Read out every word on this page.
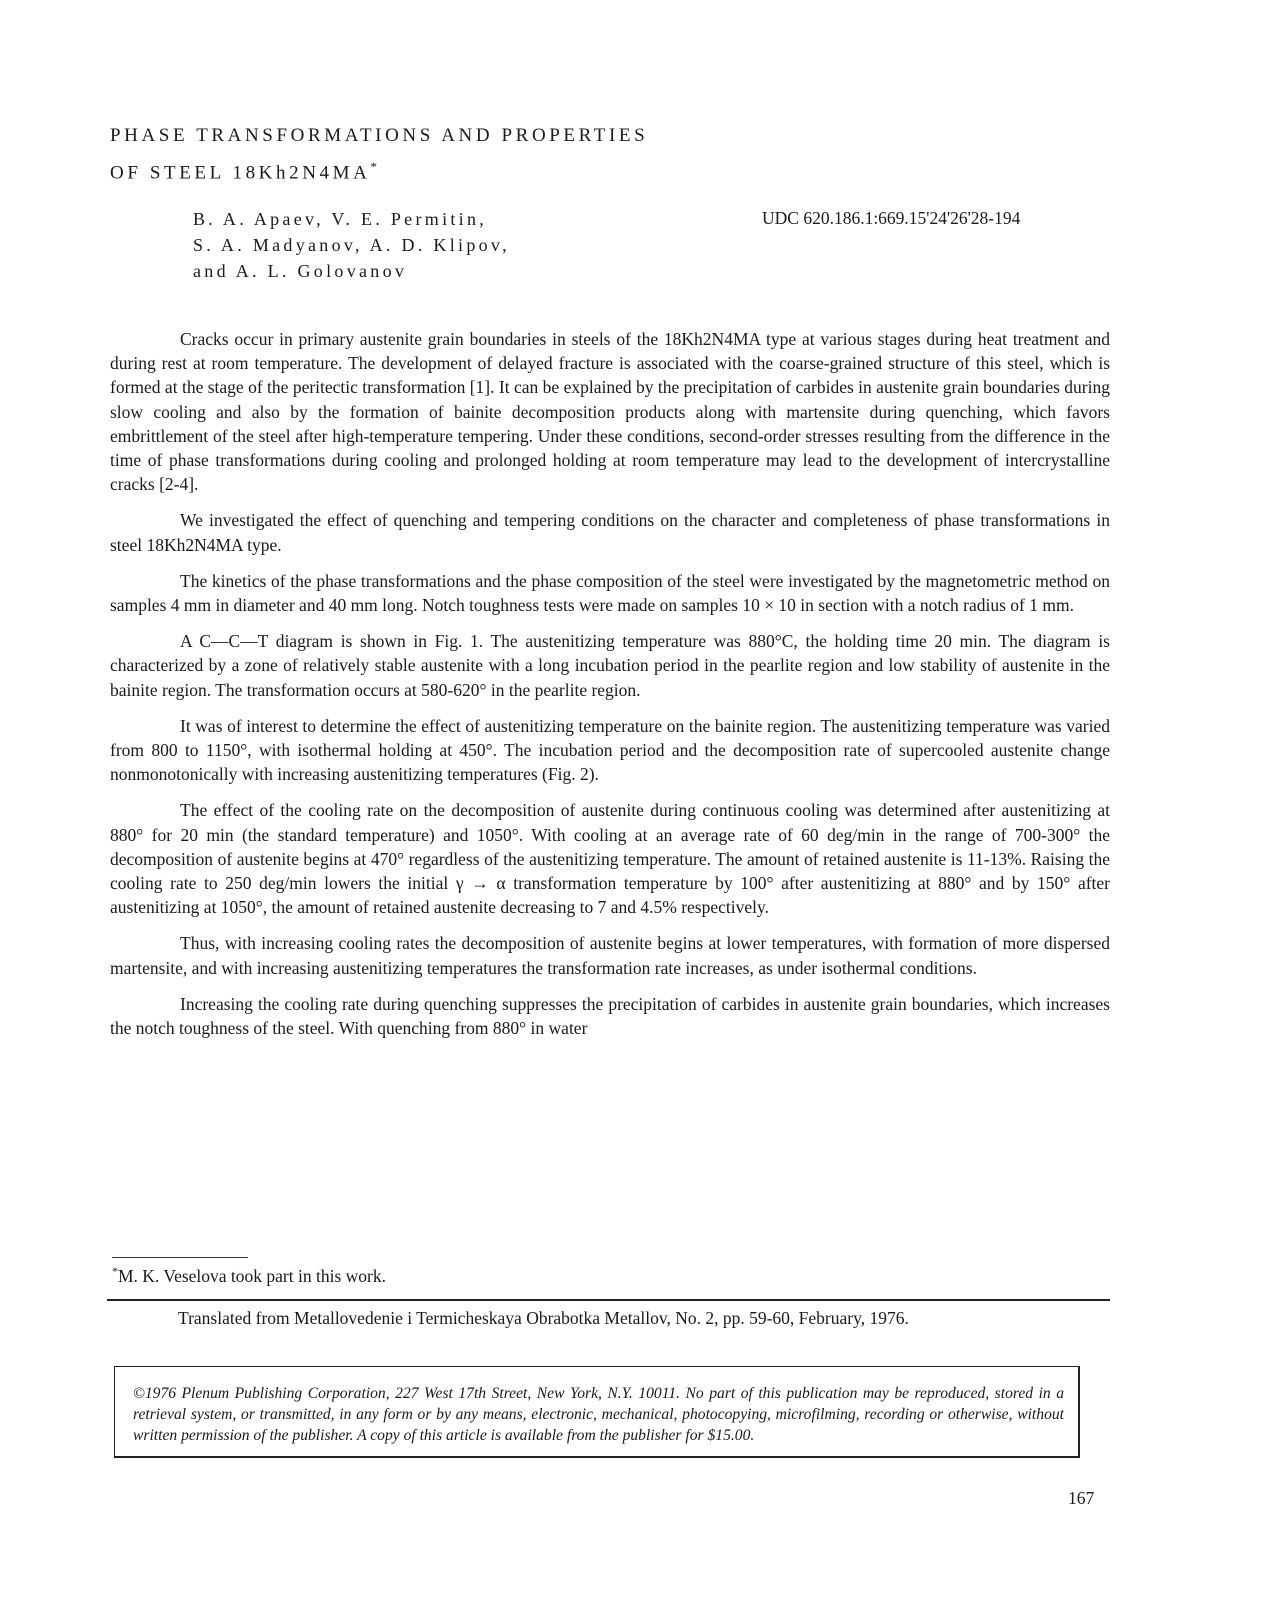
PHASE TRANSFORMATIONS AND PROPERTIES
OF STEEL 18Kh2N4MA*
B. A. Apaev, V. E. Permitin,
S. A. Madyanov, A. D. Klipov,
and A. L. Golovanov
UDC 620.186.1:669.15'24'26'28-194

Cracks occur in primary austenite grain boundaries in steels of the 18Kh2N4MA type at various stages during heat treatment and during rest at room temperature. The development of delayed fracture is associated with the coarse-grained structure of this steel, which is formed at the stage of the peritectic transformation [1]. It can be explained by the precipitation of carbides in austenite grain boundaries during slow cooling and also by the formation of bainite decomposition products along with martensite during quenching, which favors embrittlement of the steel after high-temperature tempering. Under these conditions, second-order stresses resulting from the difference in the time of phase transformations during cooling and prolonged holding at room temperature may lead to the development of intercrystalline cracks [2-4].

We investigated the effect of quenching and tempering conditions on the character and completeness of phase transformations in steel 18Kh2N4MA type.

The kinetics of the phase transformations and the phase composition of the steel were investigated by the magnetometric method on samples 4 mm in diameter and 40 mm long. Notch toughness tests were made on samples 10 × 10 in section with a notch radius of 1 mm.

A C—C—T diagram is shown in Fig. 1. The austenitizing temperature was 880°C, the holding time 20 min. The diagram is characterized by a zone of relatively stable austenite with a long incubation period in the pearlite region and low stability of austenite in the bainite region. The transformation occurs at 580-620° in the pearlite region.

It was of interest to determine the effect of austenitizing temperature on the bainite region. The austenitizing temperature was varied from 800 to 1150°, with isothermal holding at 450°. The incubation period and the decomposition rate of supercooled austenite change nonmonotonically with increasing austenitizing temperatures (Fig. 2).

The effect of the cooling rate on the decomposition of austenite during continuous cooling was determined after austenitizing at 880° for 20 min (the standard temperature) and 1050°. With cooling at an average rate of 60 deg/min in the range of 700-300° the decomposition of austenite begins at 470° regardless of the austenitizing temperature. The amount of retained austenite is 11-13%. Raising the cooling rate to 250 deg/min lowers the initial γ → α transformation temperature by 100° after austenitizing at 880° and by 150° after austenitizing at 1050°, the amount of retained austenite decreasing to 7 and 4.5% respectively.

Thus, with increasing cooling rates the decomposition of austenite begins at lower temperatures, with formation of more dispersed martensite, and with increasing austenitizing temperatures the transformation rate increases, as under isothermal conditions.

Increasing the cooling rate during quenching suppresses the precipitation of carbides in austenite grain boundaries, which increases the notch toughness of the steel. With quenching from 880° in water

*M. K. Veselova took part in this work.
Translated from Metallovedenie i Termicheskaya Obrabotka Metallov, No. 2, pp. 59-60, February, 1976.
©1976 Plenum Publishing Corporation, 227 West 17th Street, New York, N.Y. 10011. No part of this publication may be reproduced, stored in a retrieval system, or transmitted, in any form or by any means, electronic, mechanical, photocopying, microfilming, recording or otherwise, without written permission of the publisher. A copy of this article is available from the publisher for $15.00.
167
